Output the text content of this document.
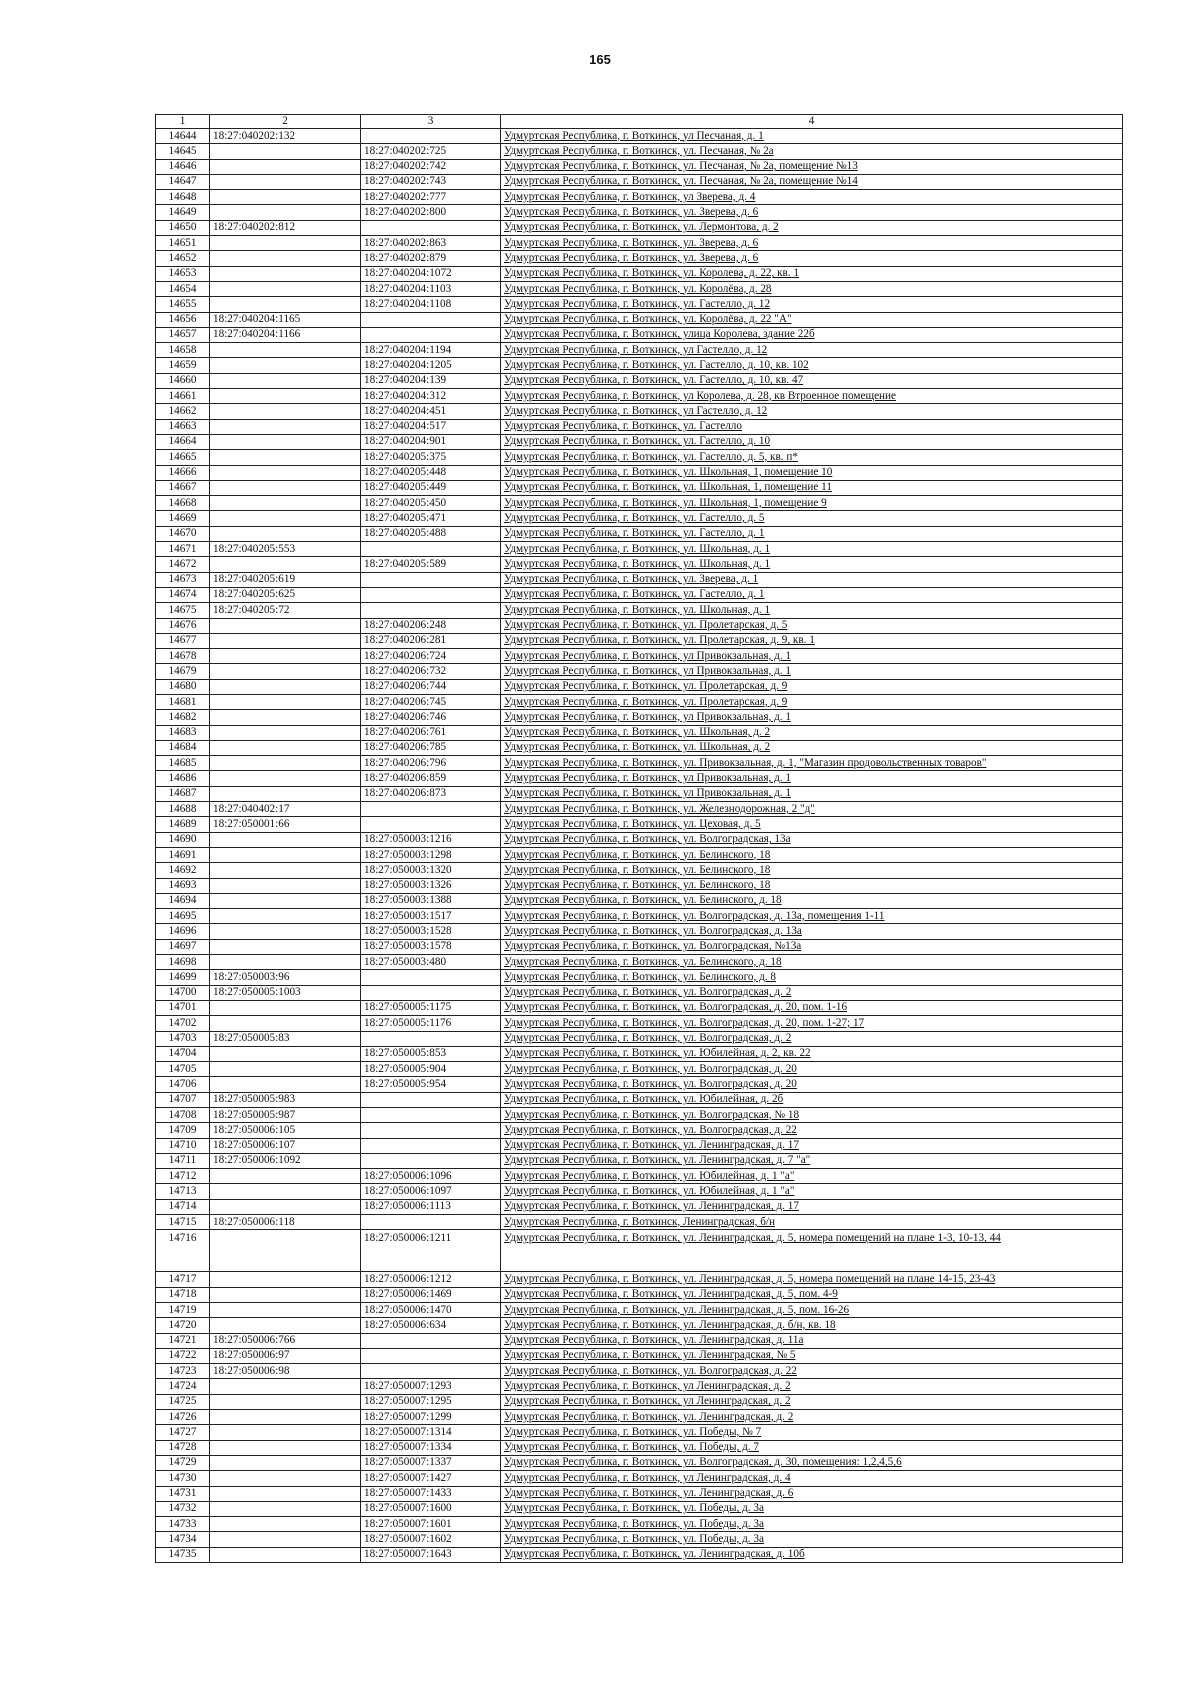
165
1	2	3	4
14644	18:27:040202:132		Удмуртская Республика, г. Воткинск, ул Песчаная, д. 1
14645		18:27:040202:725	Удмуртская Республика, г. Воткинск, ул. Песчаная, № 2а
14646		18:27:040202:742	Удмуртская Республика, г. Воткинск, ул. Песчаная, № 2а, помещение №13
14647		18:27:040202:743	Удмуртская Республика, г. Воткинск, ул. Песчаная, № 2а, помещение №14
14648		18:27:040202:777	Удмуртская Республика, г. Воткинск, ул Зверева, д. 4
14649		18:27:040202:800	Удмуртская Республика, г. Воткинск, ул. Зверева, д. 6
14650	18:27:040202:812		Удмуртская Республика, г. Воткинск, ул. Лермонтова, д. 2
14651		18:27:040202:863	Удмуртская Республика, г. Воткинск, ул. Зверева, д. 6
14652		18:27:040202:879	Удмуртская Республика, г. Воткинск, ул. Зверева, д. 6
14653		18:27:040204:1072	Удмуртская Республика, г. Воткинск, ул. Королева, д. 22, кв. 1
14654		18:27:040204:1103	Удмуртская Республика, г. Воткинск, ул. Королёва, д. 28
14655		18:27:040204:1108	Удмуртская Республика, г. Воткинск, ул. Гастелло, д. 12
14656	18:27:040204:1165		Удмуртская Республика, г. Воткинск, ул. Королёва, д. 22 "А"
14657	18:27:040204:1166		Удмуртская Республика, г. Воткинск, улица Королева, здание 22б
14658		18:27:040204:1194	Удмуртская Республика, г. Воткинск, ул Гастелло, д. 12
14659		18:27:040204:1205	Удмуртская Республика, г. Воткинск, ул. Гастелло, д. 10, кв. 102
14660		18:27:040204:139	Удмуртская Республика, г. Воткинск, ул. Гастелло, д. 10, кв. 47
14661		18:27:040204:312	Удмуртская Республика, г. Воткинск, ул Королева, д. 28, кв Втроенное помещение
14662		18:27:040204:451	Удмуртская Республика, г. Воткинск, ул Гастелло, д. 12
14663		18:27:040204:517	Удмуртская Республика, г. Воткинск, ул. Гастелло
14664		18:27:040204:901	Удмуртская Республика, г. Воткинск, ул. Гастелло, д. 10
14665		18:27:040205:375	Удмуртская Республика, г. Воткинск, ул. Гастелло, д. 5, кв. п*
14666		18:27:040205:448	Удмуртская Республика, г. Воткинск, ул. Школьная, 1, помещение 10
14667		18:27:040205:449	Удмуртская Республика, г. Воткинск, ул. Школьная, 1, помещение 11
14668		18:27:040205:450	Удмуртская Республика, г. Воткинск, ул. Школьная, 1, помещение 9
14669		18:27:040205:471	Удмуртская Республика, г. Воткинск, ул. Гастелло, д. 5
14670		18:27:040205:488	Удмуртская Республика, г. Воткинск, ул. Гастелло, д. 1
14671	18:27:040205:553		Удмуртская Республика, г. Воткинск, ул. Школьная, д. 1
14672		18:27:040205:589	Удмуртская Республика, г. Воткинск, ул. Школьная, д. 1
14673	18:27:040205:619		Удмуртская Республика, г. Воткинск, ул. Зверева, д. 1
14674	18:27:040205:625		Удмуртская Республика, г. Воткинск, ул. Гастелло, д. 1
14675	18:27:040205:72		Удмуртская Республика, г. Воткинск, ул. Школьная, д. 1
14676		18:27:040206:248	Удмуртская Республика, г. Воткинск, ул. Пролетарская, д. 5
14677		18:27:040206:281	Удмуртская Республика, г. Воткинск, ул. Пролетарская, д. 9, кв. 1
14678		18:27:040206:724	Удмуртская Республика, г. Воткинск, ул Привокзальная, д. 1
14679		18:27:040206:732	Удмуртская Республика, г. Воткинск, ул Привокзальная, д. 1
14680		18:27:040206:744	Удмуртская Республика, г. Воткинск, ул. Пролетарская, д. 9
14681		18:27:040206:745	Удмуртская Республика, г. Воткинск, ул. Пролетарская, д. 9
14682		18:27:040206:746	Удмуртская Республика, г. Воткинск, ул Привокзальная, д. 1
14683		18:27:040206:761	Удмуртская Республика, г. Воткинск, ул. Школьная, д. 2
14684		18:27:040206:785	Удмуртская Республика, г. Воткинск, ул. Школьная, д. 2
14685		18:27:040206:796	Удмуртская Республика, г. Воткинск, ул. Привокзальная, д. 1, "Магазин продовольственных товаров"
14686		18:27:040206:859	Удмуртская Республика, г. Воткинск, ул Привокзальная, д. 1
14687		18:27:040206:873	Удмуртская Республика, г. Воткинск, ул Привокзальная, д. 1
14688	18:27:040402:17		Удмуртская Республика, г. Воткинск, ул. Железнодорожная, 2 "д"
14689	18:27:050001:66		Удмуртская Республика, г. Воткинск, ул. Цеховая, д. 5
14690		18:27:050003:1216	Удмуртская Республика, г. Воткинск, ул. Волгоградская, 13а
14691		18:27:050003:1298	Удмуртская Республика, г. Воткинск, ул. Белинского, 18
14692		18:27:050003:1320	Удмуртская Республика, г. Воткинск, ул. Белинского, 18
14693		18:27:050003:1326	Удмуртская Республика, г. Воткинск, ул. Белинского, 18
14694		18:27:050003:1388	Удмуртская Республика, г. Воткинск, ул. Белинского, д. 18
14695		18:27:050003:1517	Удмуртская Республика, г. Воткинск, ул. Волгоградская, д. 13а, помещения 1-11
14696		18:27:050003:1528	Удмуртская Республика, г. Воткинск, ул. Волгоградская, д. 13а
14697		18:27:050003:1578	Удмуртская Республика, г. Воткинск, ул. Волгоградская, №13а
14698		18:27:050003:480	Удмуртская Республика, г. Воткинск, ул. Белинского, д. 18
14699	18:27:050003:96		Удмуртская Республика, г. Воткинск, ул. Белинского, д. 8
14700	18:27:050005:1003		Удмуртская Республика, г. Воткинск, ул. Волгоградская, д. 2
14701		18:27:050005:1175	Удмуртская Республика, г. Воткинск, ул. Волгоградская, д. 20, пом. 1-16
14702		18:27:050005:1176	Удмуртская Республика, г. Воткинск, ул. Волгоградская, д. 20, пом. 1-27; 17
14703	18:27:050005:83		Удмуртская Республика, г. Воткинск, ул. Волгоградская, д. 2
14704		18:27:050005:853	Удмуртская Республика, г. Воткинск, ул. Юбилейная, д. 2, кв. 22
14705		18:27:050005:904	Удмуртская Республика, г. Воткинск, ул. Волгоградская, д. 20
14706		18:27:050005:954	Удмуртская Республика, г. Воткинск, ул. Волгоградская, д. 20
14707	18:27:050005:983		Удмуртская Республика, г. Воткинск, ул. Юбилейная, д. 2б
14708	18:27:050005:987		Удмуртская Республика, г. Воткинск, ул. Волгоградская, № 18
14709	18:27:050006:105		Удмуртская Республика, г. Воткинск, ул. Волгоградская, д. 22
14710	18:27:050006:107		Удмуртская Республика, г. Воткинск, ул. Ленинградская, д. 17
14711	18:27:050006:1092		Удмуртская Республика, г. Воткинск, ул. Ленинградская, д. 7 "а"
14712		18:27:050006:1096	Удмуртская Республика, г. Воткинск, ул. Юбилейная, д. 1 "а"
14713		18:27:050006:1097	Удмуртская Республика, г. Воткинск, ул. Юбилейная, д. 1 "а"
14714		18:27:050006:1113	Удмуртская Республика, г. Воткинск, ул. Ленинградская, д. 17
14715	18:27:050006:118		Удмуртская Республика, г. Воткинск, Ленинградская, б/н
14716		18:27:050006:1211	Удмуртская Республика, г. Воткинск, ул. Ленинградская, д. 5, номера помещений на плане 1-3, 10-13, 44
14717		18:27:050006:1212	Удмуртская Республика, г. Воткинск, ул. Ленинградская, д. 5, номера помещений на плане 14-15, 23-43
14718		18:27:050006:1469	Удмуртская Республика, г. Воткинск, ул. Ленинградская, д. 5, пом. 4-9
14719		18:27:050006:1470	Удмуртская Республика, г. Воткинск, ул. Ленинградская, д. 5, пом. 16-26
14720		18:27:050006:634	Удмуртская Республика, г. Воткинск, ул. Ленинградская, д. б/н, кв. 18
14721	18:27:050006:766		Удмуртская Республика, г. Воткинск, ул. Ленинградская, д. 11а
14722	18:27:050006:97		Удмуртская Республика, г. Воткинск, ул. Ленинградская, № 5
14723	18:27:050006:98		Удмуртская Республика, г. Воткинск, ул. Волгоградская, д. 22
14724		18:27:050007:1293	Удмуртская Республика, г. Воткинск, ул Ленинградская, д. 2
14725		18:27:050007:1295	Удмуртская Республика, г. Воткинск, ул Ленинградская, д. 2
14726		18:27:050007:1299	Удмуртская Республика, г. Воткинск, ул. Ленинградская, д. 2
14727		18:27:050007:1314	Удмуртская Республика, г. Воткинск, ул. Победы, № 7
14728		18:27:050007:1334	Удмуртская Республика, г. Воткинск, ул. Победы, д. 7
14729		18:27:050007:1337	Удмуртская Республика, г. Воткинск, ул. Волгоградская, д. 30, помещения: 1,2,4,5,6
14730		18:27:050007:1427	Удмуртская Республика, г. Воткинск, ул Ленинградская, д. 4
14731		18:27:050007:1433	Удмуртская Республика, г. Воткинск, ул. Ленинградская, д. 6
14732		18:27:050007:1600	Удмуртская Республика, г. Воткинск, ул. Победы, д. 3а
14733		18:27:050007:1601	Удмуртская Республика, г. Воткинск, ул. Победы, д. 3а
14734		18:27:050007:1602	Удмуртская Республика, г. Воткинск, ул. Победы, д. 3а
14735		18:27:050007:1643	Удмуртская Республика, г. Воткинск, ул. Ленинградская, д. 10б
